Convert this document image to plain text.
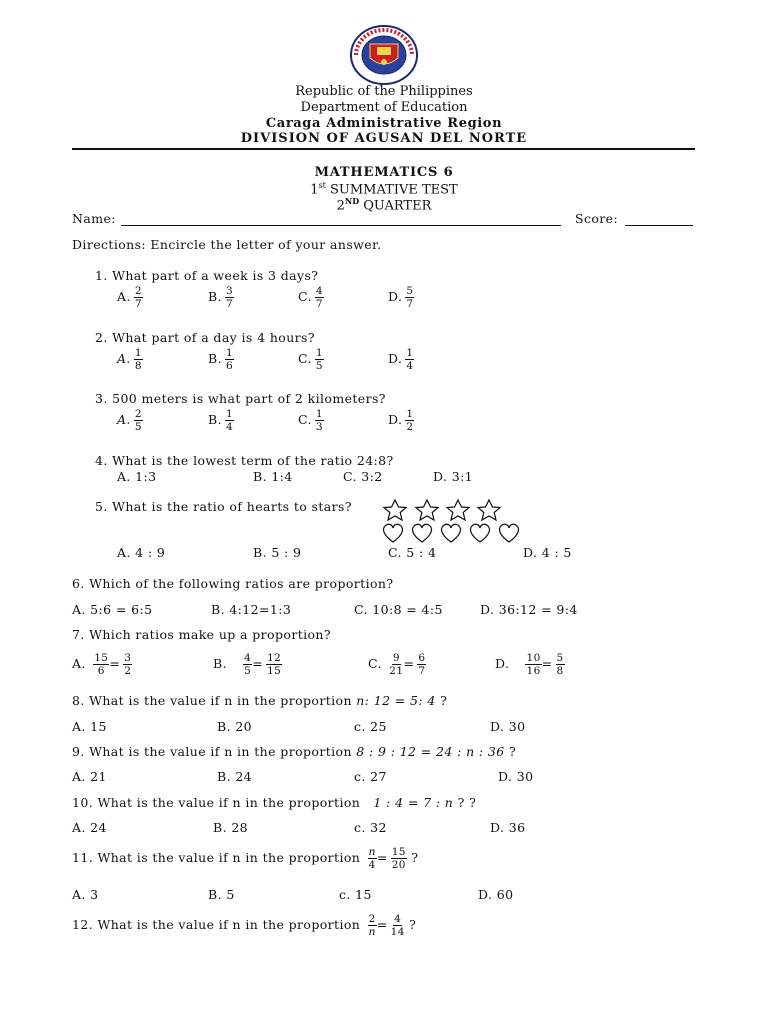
Republic of the Philippines
Department of Education
Caraga Administrative Region
DIVISION OF AGUSAN DEL NORTE
MATHEMATICS 6
1st SUMMATIVE TEST
2ND QUARTER
Name:	Score:
Directions: Encircle the letter of your answer.
1. What part of a week is 3 days?
A. $\frac{2}{7}$	B. $\frac{3}{7}$	C. $\frac{4}{7}$	D. $\frac{5}{7}$
2. What part of a day is 4 hours?
A. $\frac{1}{8}$	B. $\frac{1}{6}$	C. $\frac{1}{5}$	D. $\frac{1}{4}$
3. 500 meters is what part of 2 kilometers?
A. $\frac{2}{5}$	B. $\frac{1}{4}$	C. $\frac{1}{3}$	D. $\frac{1}{2}$
4. What is the lowest term of the ratio 24:8?
A. 1:3	B. 1:4	C. 3:2	D. 3:1
5. What is the ratio of hearts to stars?
A. 4 : 9	B. 5 : 9	C. 5 : 4	D. 4 : 5
6. Which of the following ratios are proportion?
A. 5:6 = 6:5	B. 4:12=1:3	C. 10:8 = 4:5	D. 36:12 = 9:4
7. Which ratios make up a proportion?
A. $\frac{15}{6} = \frac{3}{2}$	B. $\frac{4}{5} = \frac{12}{15}$	C. $\frac{9}{21} = \frac{6}{7}$	D. $\frac{10}{16} = \frac{5}{8}$
8. What is the value if n in the proportion n: 12 = 5: 4 ?
A. 15	B. 20	c. 25	D. 30
9. What is the value if n in the proportion 8 : 9 : 12 = 24 : n : 36 ?
A. 21	B. 24	c. 27	D. 30
10. What is the value if n in the proportion   1 : 4 = 7 : n ? ?
A. 24	B. 28	c. 32	D. 36
11. What is the value if n in the proportion $\frac{n}{4} = \frac{15}{20}$ ?
A. 3	B. 5	c. 15	D. 60
12. What is the value if n in the proportion $\frac{2}{n} = \frac{4}{14}$ ?
